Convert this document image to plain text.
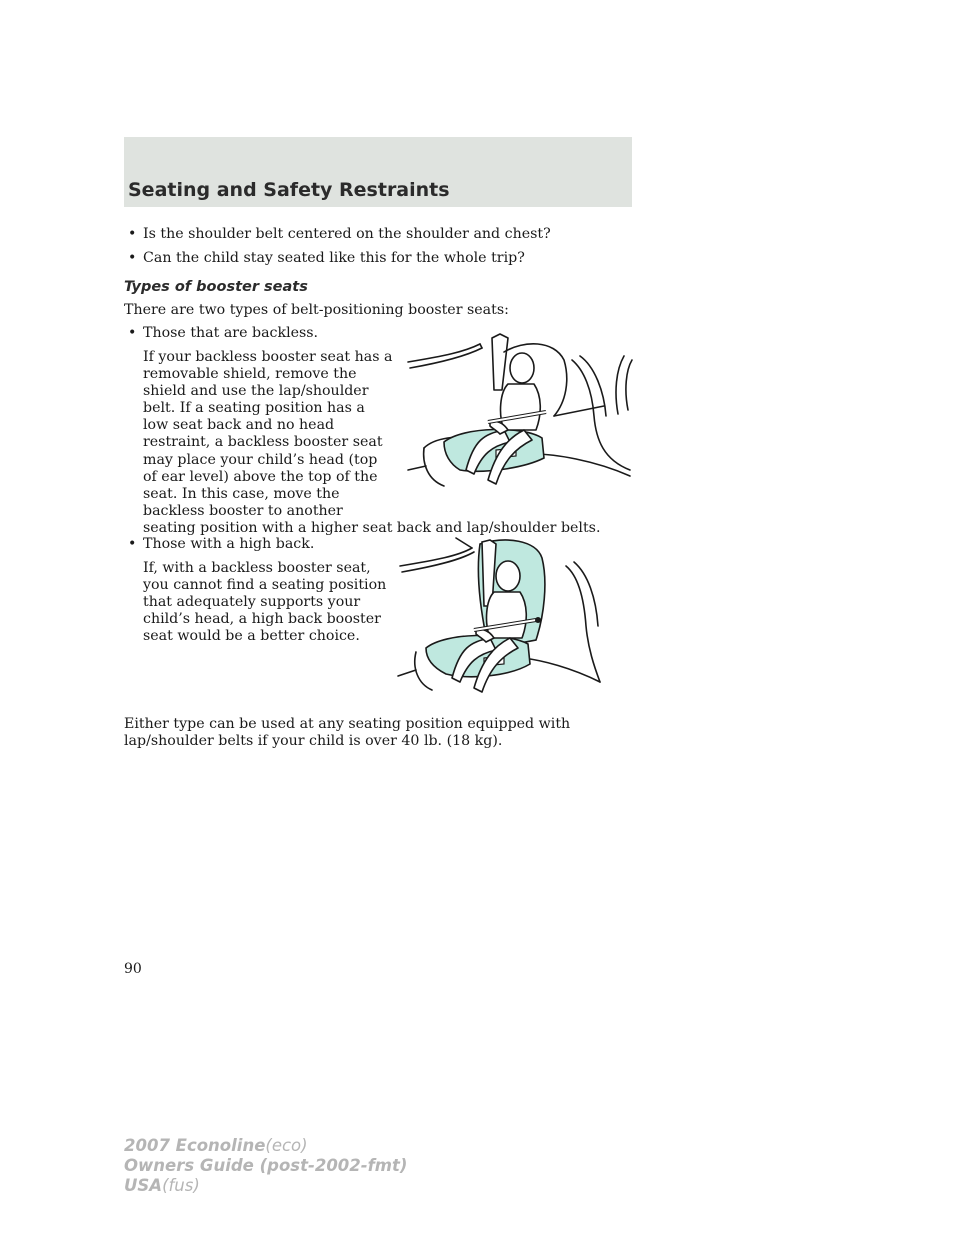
Seating and Safety Restraints
• Is the shoulder belt centered on the shoulder and chest?
• Can the child stay seated like this for the whole trip?
Types of booster seats
There are two types of belt-positioning booster seats:
• Those that are backless.
If your backless booster seat has a
removable shield, remove the
shield and use the lap/shoulder
belt. If a seating position has a
low seat back and no head
restraint, a backless booster seat
may place your child’s head (top
of ear level) above the top of the
seat. In this case, move the
backless booster to another
seating position with a higher seat back and lap/shoulder belts.
• Those with a high back.
If, with a backless booster seat,
you cannot find a seating position
that adequately supports your
child’s head, a high back booster
seat would be a better choice.
Either type can be used at any seating position equipped with
lap/shoulder belts if your child is over 40 lb. (18 kg).
90
2007 Econoline(eco)
Owners Guide (post-2002-fmt)
USA(fus)
